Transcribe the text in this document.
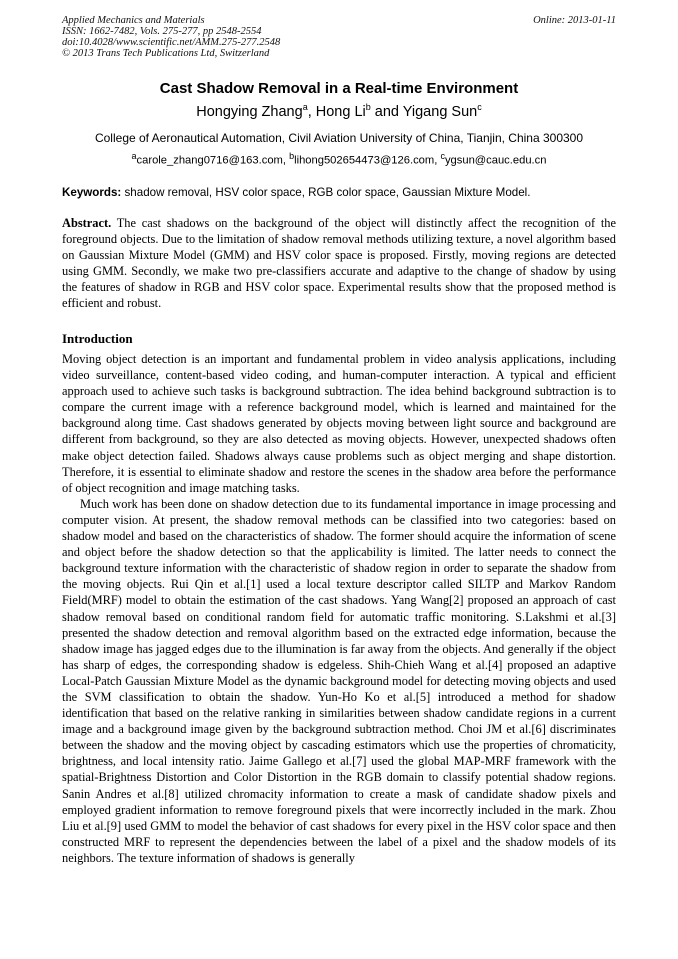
Applied Mechanics and Materials
ISSN: 1662-7482, Vols. 275-277, pp 2548-2554
doi:10.4028/www.scientific.net/AMM.275-277.2548
© 2013 Trans Tech Publications Ltd, Switzerland
Online: 2013-01-11
Cast Shadow Removal in a Real-time Environment
Hongying Zhang$^a$, Hong Li$^b$ and Yigang Sun$^c$
College of Aeronautical Automation, Civil Aviation University of China, Tianjin, China 300300
$^a$carole_zhang0716@163.com, $^b$lihong502654473@126.com, $^c$ygsun@cauc.edu.cn
Keywords: shadow removal, HSV color space, RGB color space, Gaussian Mixture Model.
Abstract. The cast shadows on the background of the object will distinctly affect the recognition of the foreground objects. Due to the limitation of shadow removal methods utilizing texture, a novel algorithm based on Gaussian Mixture Model (GMM) and HSV color space is proposed. Firstly, moving regions are detected using GMM. Secondly, we make two pre-classifiers accurate and adaptive to the change of shadow by using the features of shadow in RGB and HSV color space. Experimental results show that the proposed method is efficient and robust.
Introduction

Moving object detection is an important and fundamental problem in video analysis applications, including video surveillance, content-based video coding, and human-computer interaction. A typical and efficient approach used to achieve such tasks is background subtraction. The idea behind background subtraction is to compare the current image with a reference background model, which is learned and maintained for the background along time. Cast shadows generated by objects moving between light source and background are different from background, so they are also detected as moving objects. However, unexpected shadows often make object detection failed. Shadows always cause problems such as object merging and shape distortion. Therefore, it is essential to eliminate shadow and restore the scenes in the shadow area before the performance of object recognition and image matching tasks.

Much work has been done on shadow detection due to its fundamental importance in image processing and computer vision. At present, the shadow removal methods can be classified into two categories: based on shadow model and based on the characteristics of shadow. The former should acquire the information of scene and object before the shadow detection so that the applicability is limited. The latter needs to connect the background texture information with the characteristic of shadow region in order to separate the shadow from the moving objects. Rui Qin et al.[1] used a local texture descriptor called SILTP and Markov Random Field(MRF) model to obtain the estimation of the cast shadows. Yang Wang[2] proposed an approach of cast shadow removal based on conditional random field for automatic traffic monitoring. S.Lakshmi et al.[3] presented the shadow detection and removal algorithm based on the extracted edge information, because the shadow image has jagged edges due to the illumination is far away from the objects. And generally if the object has sharp of edges, the corresponding shadow is edgeless. Shih-Chieh Wang et al.[4] proposed an adaptive Local-Patch Gaussian Mixture Model as the dynamic background model for detecting moving objects and used the SVM classification to obtain the shadow. Yun-Ho Ko et al.[5] introduced a method for shadow identification that based on the relative ranking in similarities between shadow candidate regions in a current image and a background image given by the background subtraction method. Choi JM et al.[6] discriminates between the shadow and the moving object by cascading estimators which use the properties of chromaticity, brightness, and local intensity ratio. Jaime Gallego et al.[7] used the global MAP-MRF framework with the spatial-Brightness Distortion and Color Distortion in the RGB domain to classify potential shadow regions. Sanin Andres et al.[8] utilized chromacity information to create a mask of candidate shadow pixels and employed gradient information to remove foreground pixels that were incorrectly included in the mark. Zhou Liu et al.[9] used GMM to model the behavior of cast shadows for every pixel in the HSV color space and then constructed MRF to represent the dependencies between the label of a pixel and the shadow models of its neighbors. The texture information of shadows is generally
